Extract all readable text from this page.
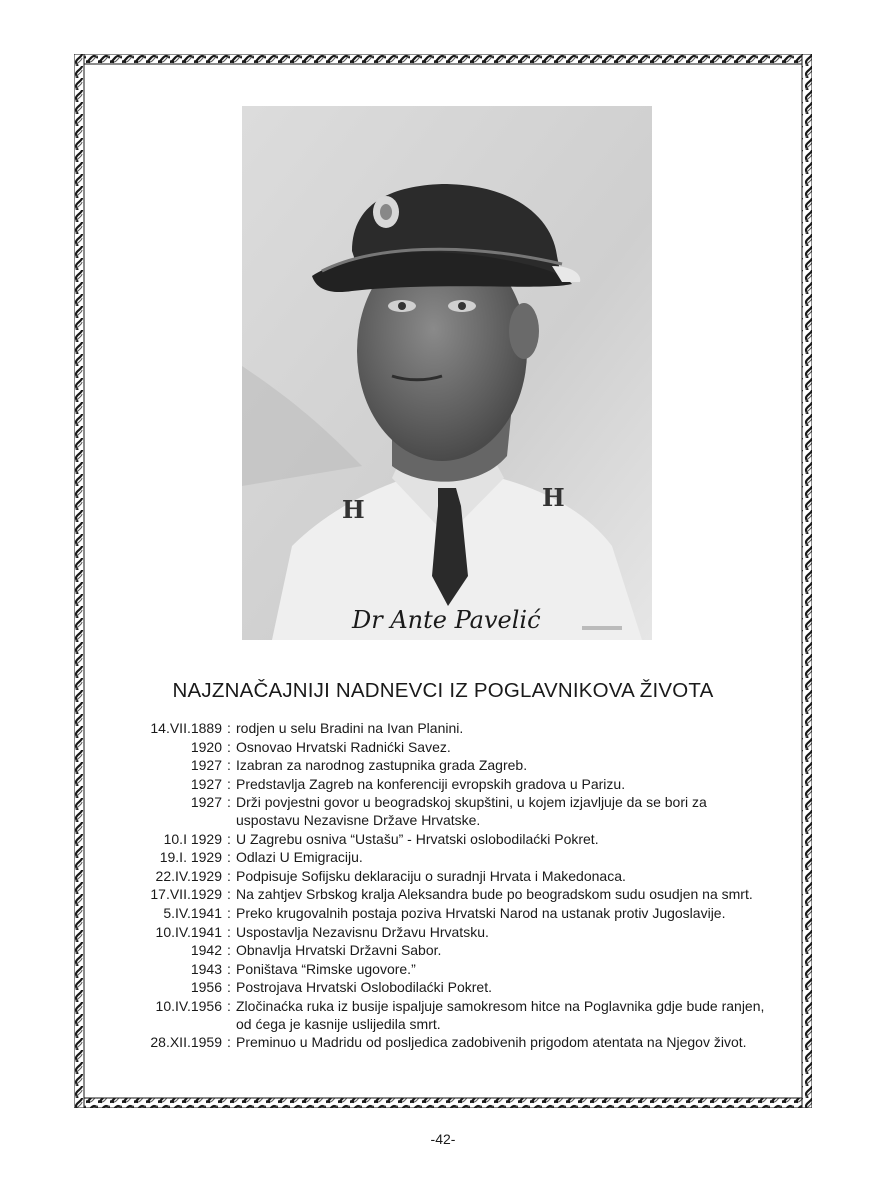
H	H
Dr Ante Pavelić
NAJZNAČAJNIJI NADNEVCI IZ POGLAVNIKOVA ŽIVOTA
14.VII.1889 : rodjen u selu Bradini na Ivan Planini.
1920 : Osnovao Hrvatski Radnićki Savez.
1927 : Izabran za narodnog zastupnika grada Zagreb.
1927 : Predstavlja Zagreb na konferenciji evropskih gradova u Parizu.
1927 : Drži povjestni govor u beogradskoj skupštini, u kojem izjavljuje da se bori za uspostavu Nezavisne Države Hrvatske.
10.I 1929 : U Zagrebu osniva “Ustašu” - Hrvatski oslobodilaćki Pokret.
19.I. 1929 : Odlazi U Emigraciju.
22.IV.1929 : Podpisuje Sofijsku deklaraciju o suradnji Hrvata i Makedonaca.
17.VII.1929 : Na zahtjev Srbskog kralja Aleksandra bude po beogradskom sudu osudjen na smrt.
5.IV.1941 : Preko krugovalnih postaja poziva Hrvatski Narod na ustanak protiv Jugoslavije.
10.IV.1941 : Uspostavlja Nezavisnu Državu Hrvatsku.
1942 : Obnavlja Hrvatski Državni Sabor.
1943 : Poništava “Rimske ugovore.”
1956 : Postrojava Hrvatski Oslobodilaćki Pokret.
10.IV.1956 : Zločinaćka ruka iz busije ispaljuje samokresom hitce na Poglavnika gdje bude ranjen, od ćega je kasnije uslijedila smrt.
28.XII.1959 : Preminuo u Madridu od posljedica zadobivenih prigodom atentata na Njegov život.
-42-
